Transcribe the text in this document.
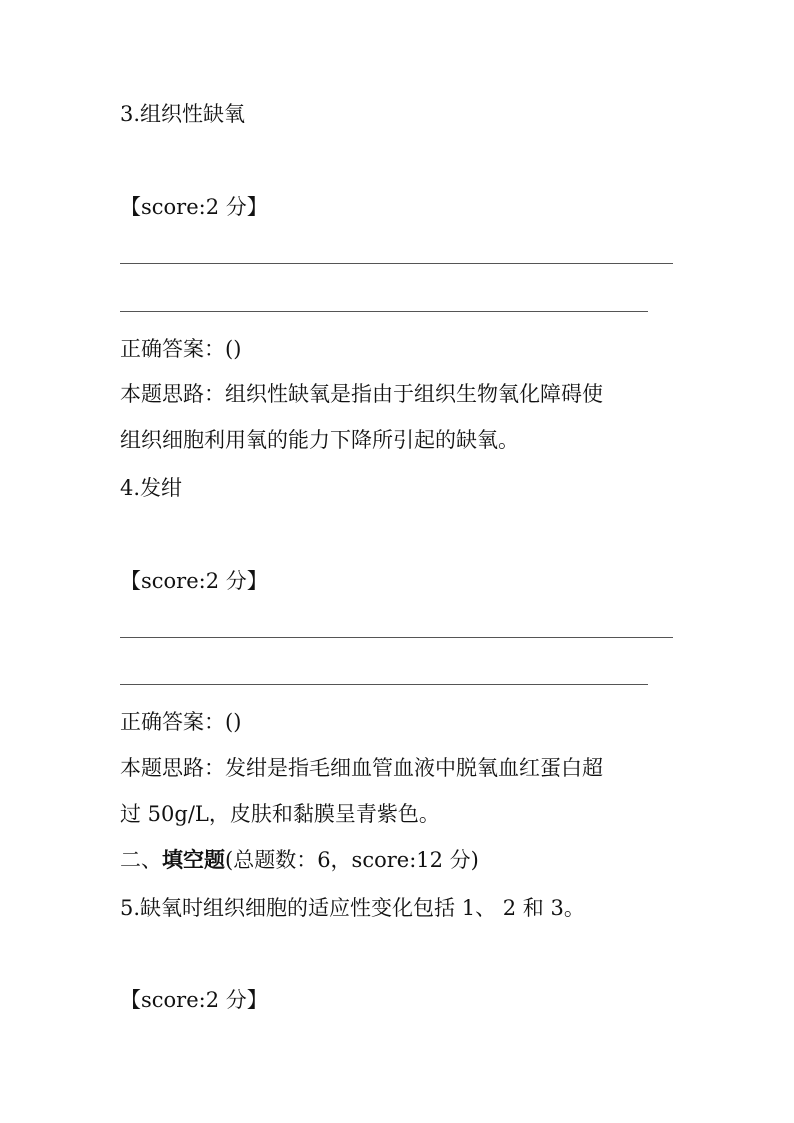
3.组织性缺氧
【score:2 分】
正确答案：()
本题思路：组织性缺氧是指由于组织生物氧化障碍使
组织细胞利用氧的能力下降所引起的缺氧。
4.发绀
【score:2 分】
正确答案：()
本题思路：发绀是指毛细血管血液中脱氧血红蛋白超
过 50g/L，皮肤和黏膜呈青紫色。
二、填空题(总题数：6，score:12 分)
5.缺氧时组织细胞的适应性变化包括 1、 2 和 3。
【score:2 分】
